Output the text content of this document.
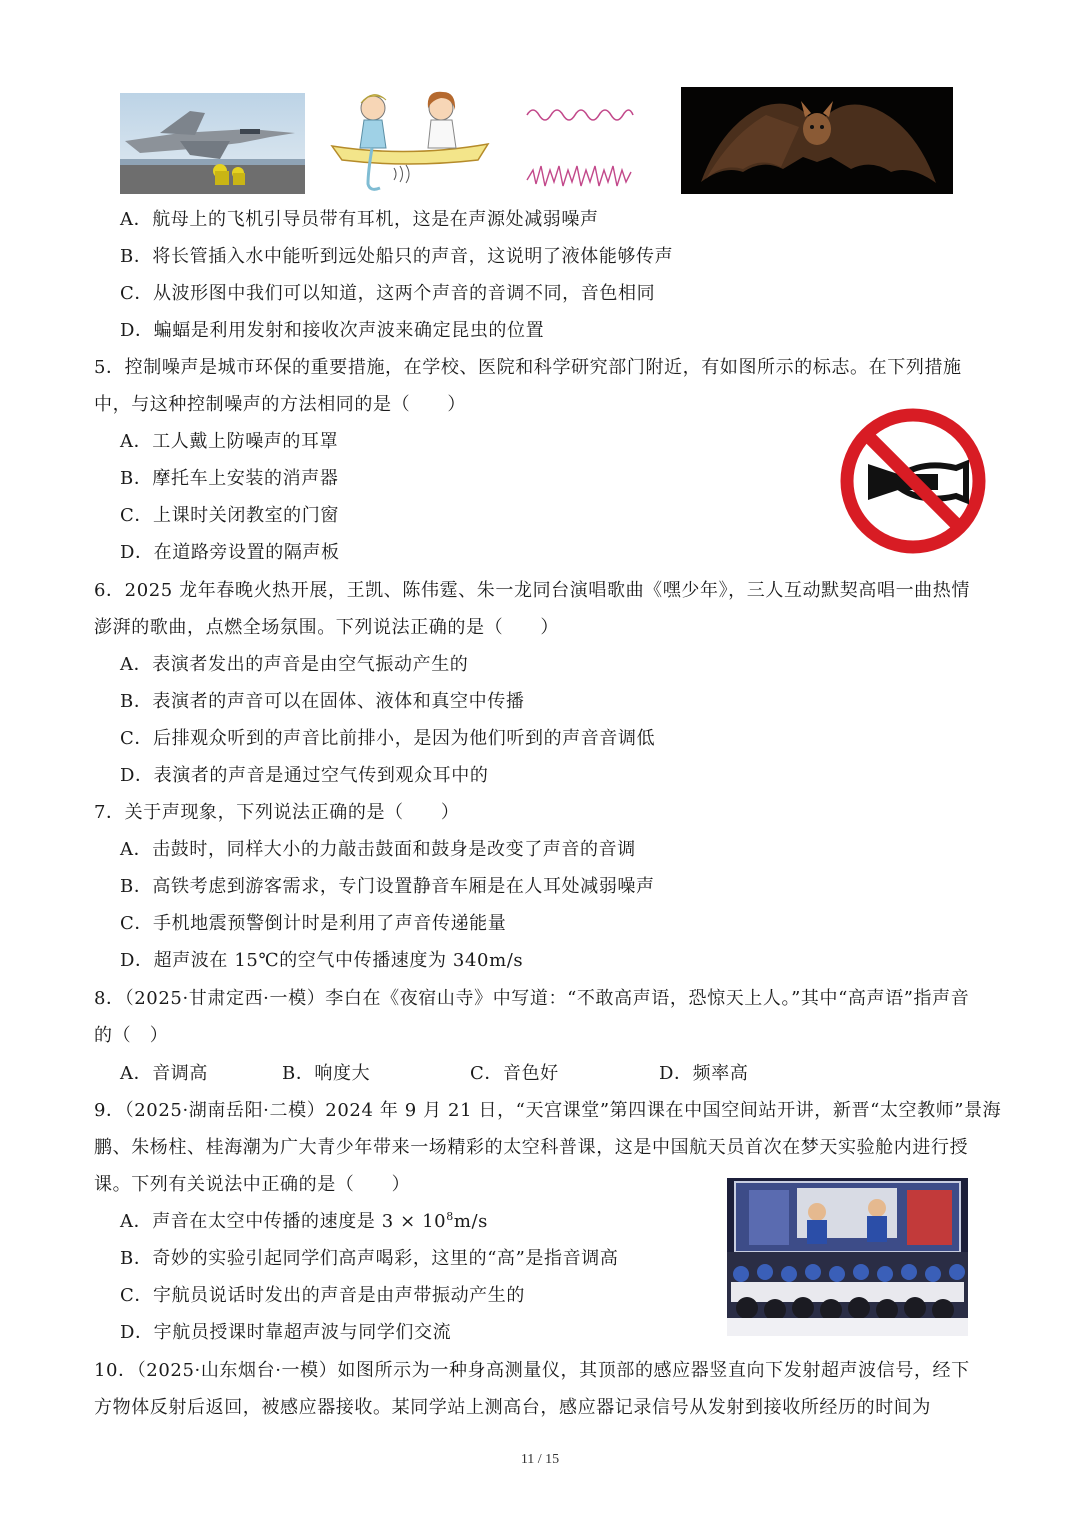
A．航母上的飞机引导员带有耳机，这是在声源处减弱噪声
B．将长管插入水中能听到远处船只的声音，这说明了液体能够传声
C．从波形图中我们可以知道，这两个声音的音调不同，音色相同
D．蝙蝠是利用发射和接收次声波来确定昆虫的位置
5．控制噪声是城市环保的重要措施，在学校、医院和科学研究部门附近，有如图所示的标志。在下列措施
中，与这种控制噪声的方法相同的是（　　）
A．工人戴上防噪声的耳罩
B．摩托车上安装的消声器
C．上课时关闭教室的门窗
D．在道路旁设置的隔声板
6．2025 龙年春晚火热开展，王凯、陈伟霆、朱一龙同台演唱歌曲《嘿少年》，三人互动默契高唱一曲热情
澎湃的歌曲，点燃全场氛围。下列说法正确的是（　　）
A．表演者发出的声音是由空气振动产生的
B．表演者的声音可以在固体、液体和真空中传播
C．后排观众听到的声音比前排小，是因为他们听到的声音音调低
D．表演者的声音是通过空气传到观众耳中的
7．关于声现象，下列说法正确的是（　　）
A．击鼓时，同样大小的力敲击鼓面和鼓身是改变了声音的音调
B．高铁考虑到游客需求，专门设置静音车厢是在人耳处减弱噪声
C．手机地震预警倒计时是利用了声音传递能量
D．超声波在 15℃的空气中传播速度为 340m/s
8．（2025·甘肃定西·一模）李白在《夜宿山寺》中写道：“不敢高声语，恐惊天上人。”其中“高声语”指声音
的（　）
A．音调高	B．响度大	C．音色好	D．频率高
9．（2025·湖南岳阳·二模）2024 年 9 月 21 日，“天宫课堂”第四课在中国空间站开讲，新晋“太空教师”景海
鹏、朱杨柱、桂海潮为广大青少年带来一场精彩的太空科普课，这是中国航天员首次在梦天实验舱内进行授
课。下列有关说法中正确的是（　　）
A．声音在太空中传播的速度是 $3 \times 10^8m/s$
B．奇妙的实验引起同学们高声喝彩，这里的“高”是指音调高
C．宇航员说话时发出的声音是由声带振动产生的
D．宇航员授课时靠超声波与同学们交流
10．（2025·山东烟台·一模）如图所示为一种身高测量仪，其顶部的感应器竖直向下发射超声波信号，经下
方物体反射后返回，被感应器接收。某同学站上测高台，感应器记录信号从发射到接收所经历的时间为
11 / 15
